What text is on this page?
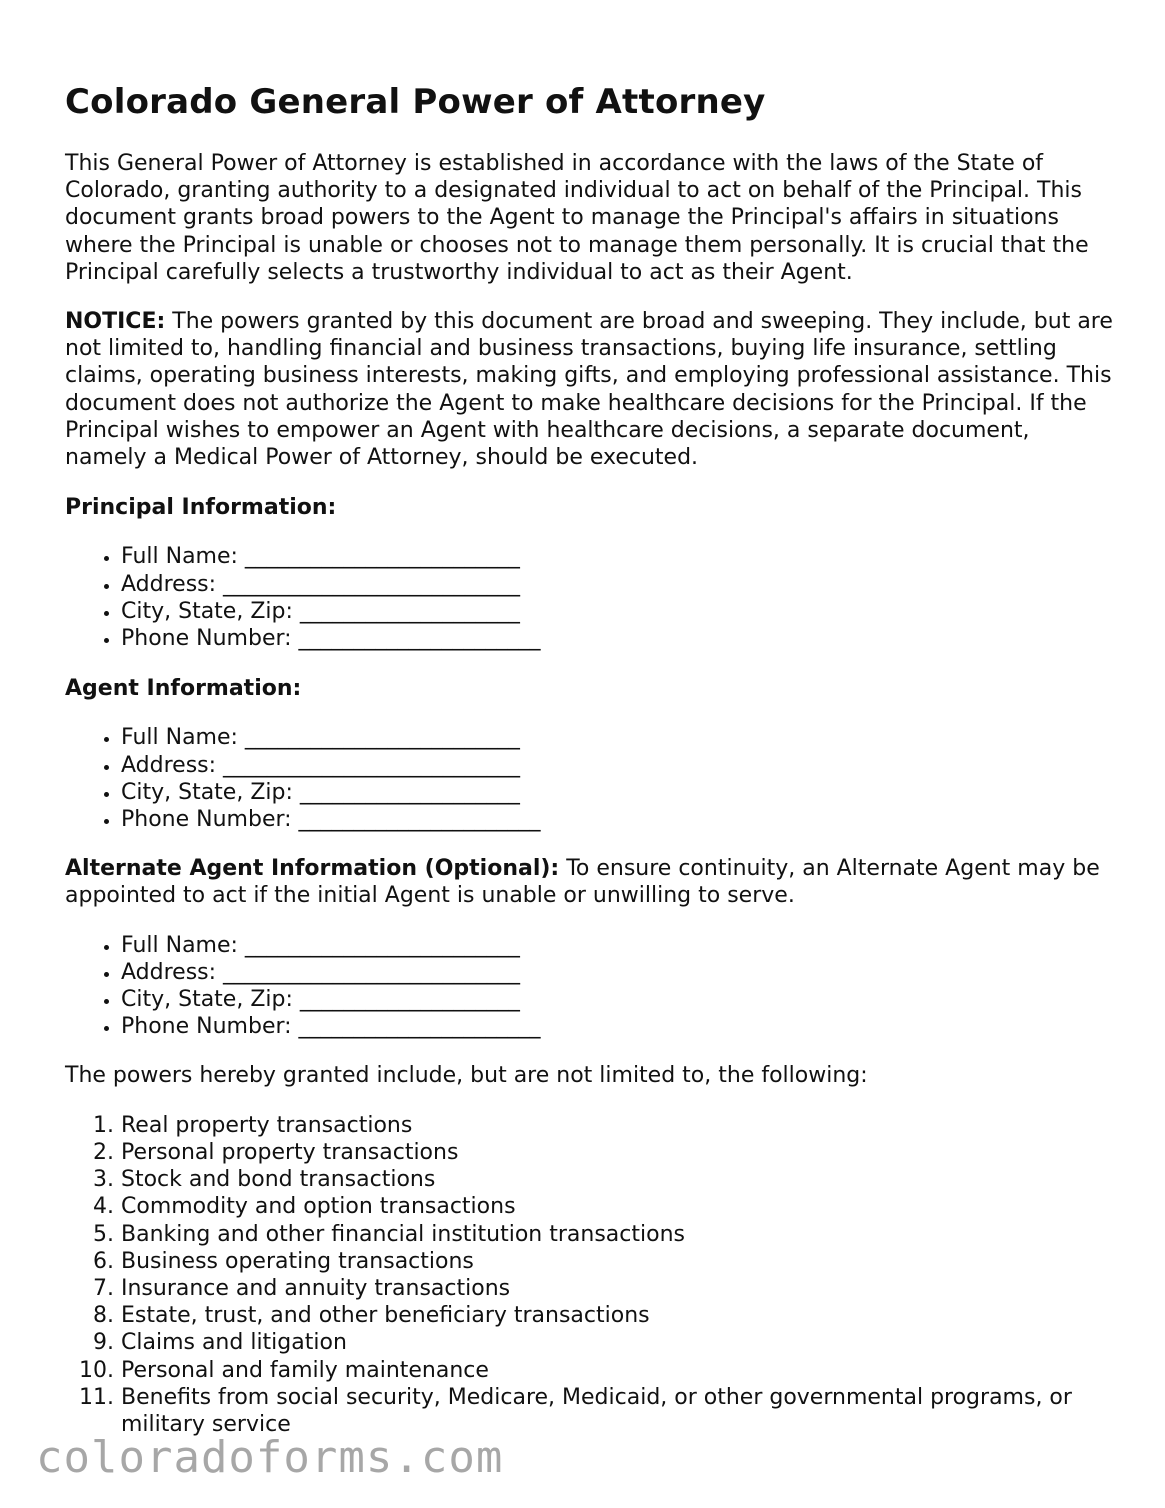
Colorado General Power of Attorney

This General Power of Attorney is established in accordance with the laws of the State of Colorado, granting authority to a designated individual to act on behalf of the Principal. This document grants broad powers to the Agent to manage the Principal's affairs in situations where the Principal is unable or chooses not to manage them personally. It is crucial that the Principal carefully selects a trustworthy individual to act as their Agent.

NOTICE: The powers granted by this document are broad and sweeping. They include, but are not limited to, handling financial and business transactions, buying life insurance, settling claims, operating business interests, making gifts, and employing professional assistance. This document does not authorize the Agent to make healthcare decisions for the Principal. If the Principal wishes to empower an Agent with healthcare decisions, a separate document, namely a Medical Power of Attorney, should be executed.

Principal Information:
• Full Name: _________________________
• Address: ___________________________
• City, State, Zip: ____________________
• Phone Number: ______________________
Agent Information:
• Full Name: _________________________
• Address: ___________________________
• City, State, Zip: ____________________
• Phone Number: ______________________

Alternate Agent Information (Optional): To ensure continuity, an Alternate Agent may be appointed to act if the initial Agent is unable or unwilling to serve.

• Full Name: _________________________
• Address: ___________________________
• City, State, Zip: ____________________
• Phone Number: ______________________

The powers hereby granted include, but are not limited to, the following:

1. Real property transactions
2. Personal property transactions
3. Stock and bond transactions
4. Commodity and option transactions
5. Banking and other financial institution transactions
6. Business operating transactions
7. Insurance and annuity transactions
8. Estate, trust, and other beneficiary transactions
9. Claims and litigation
10. Personal and family maintenance
11. Benefits from social security, Medicare, Medicaid, or other governmental programs, or military service
coloradoforms.com
